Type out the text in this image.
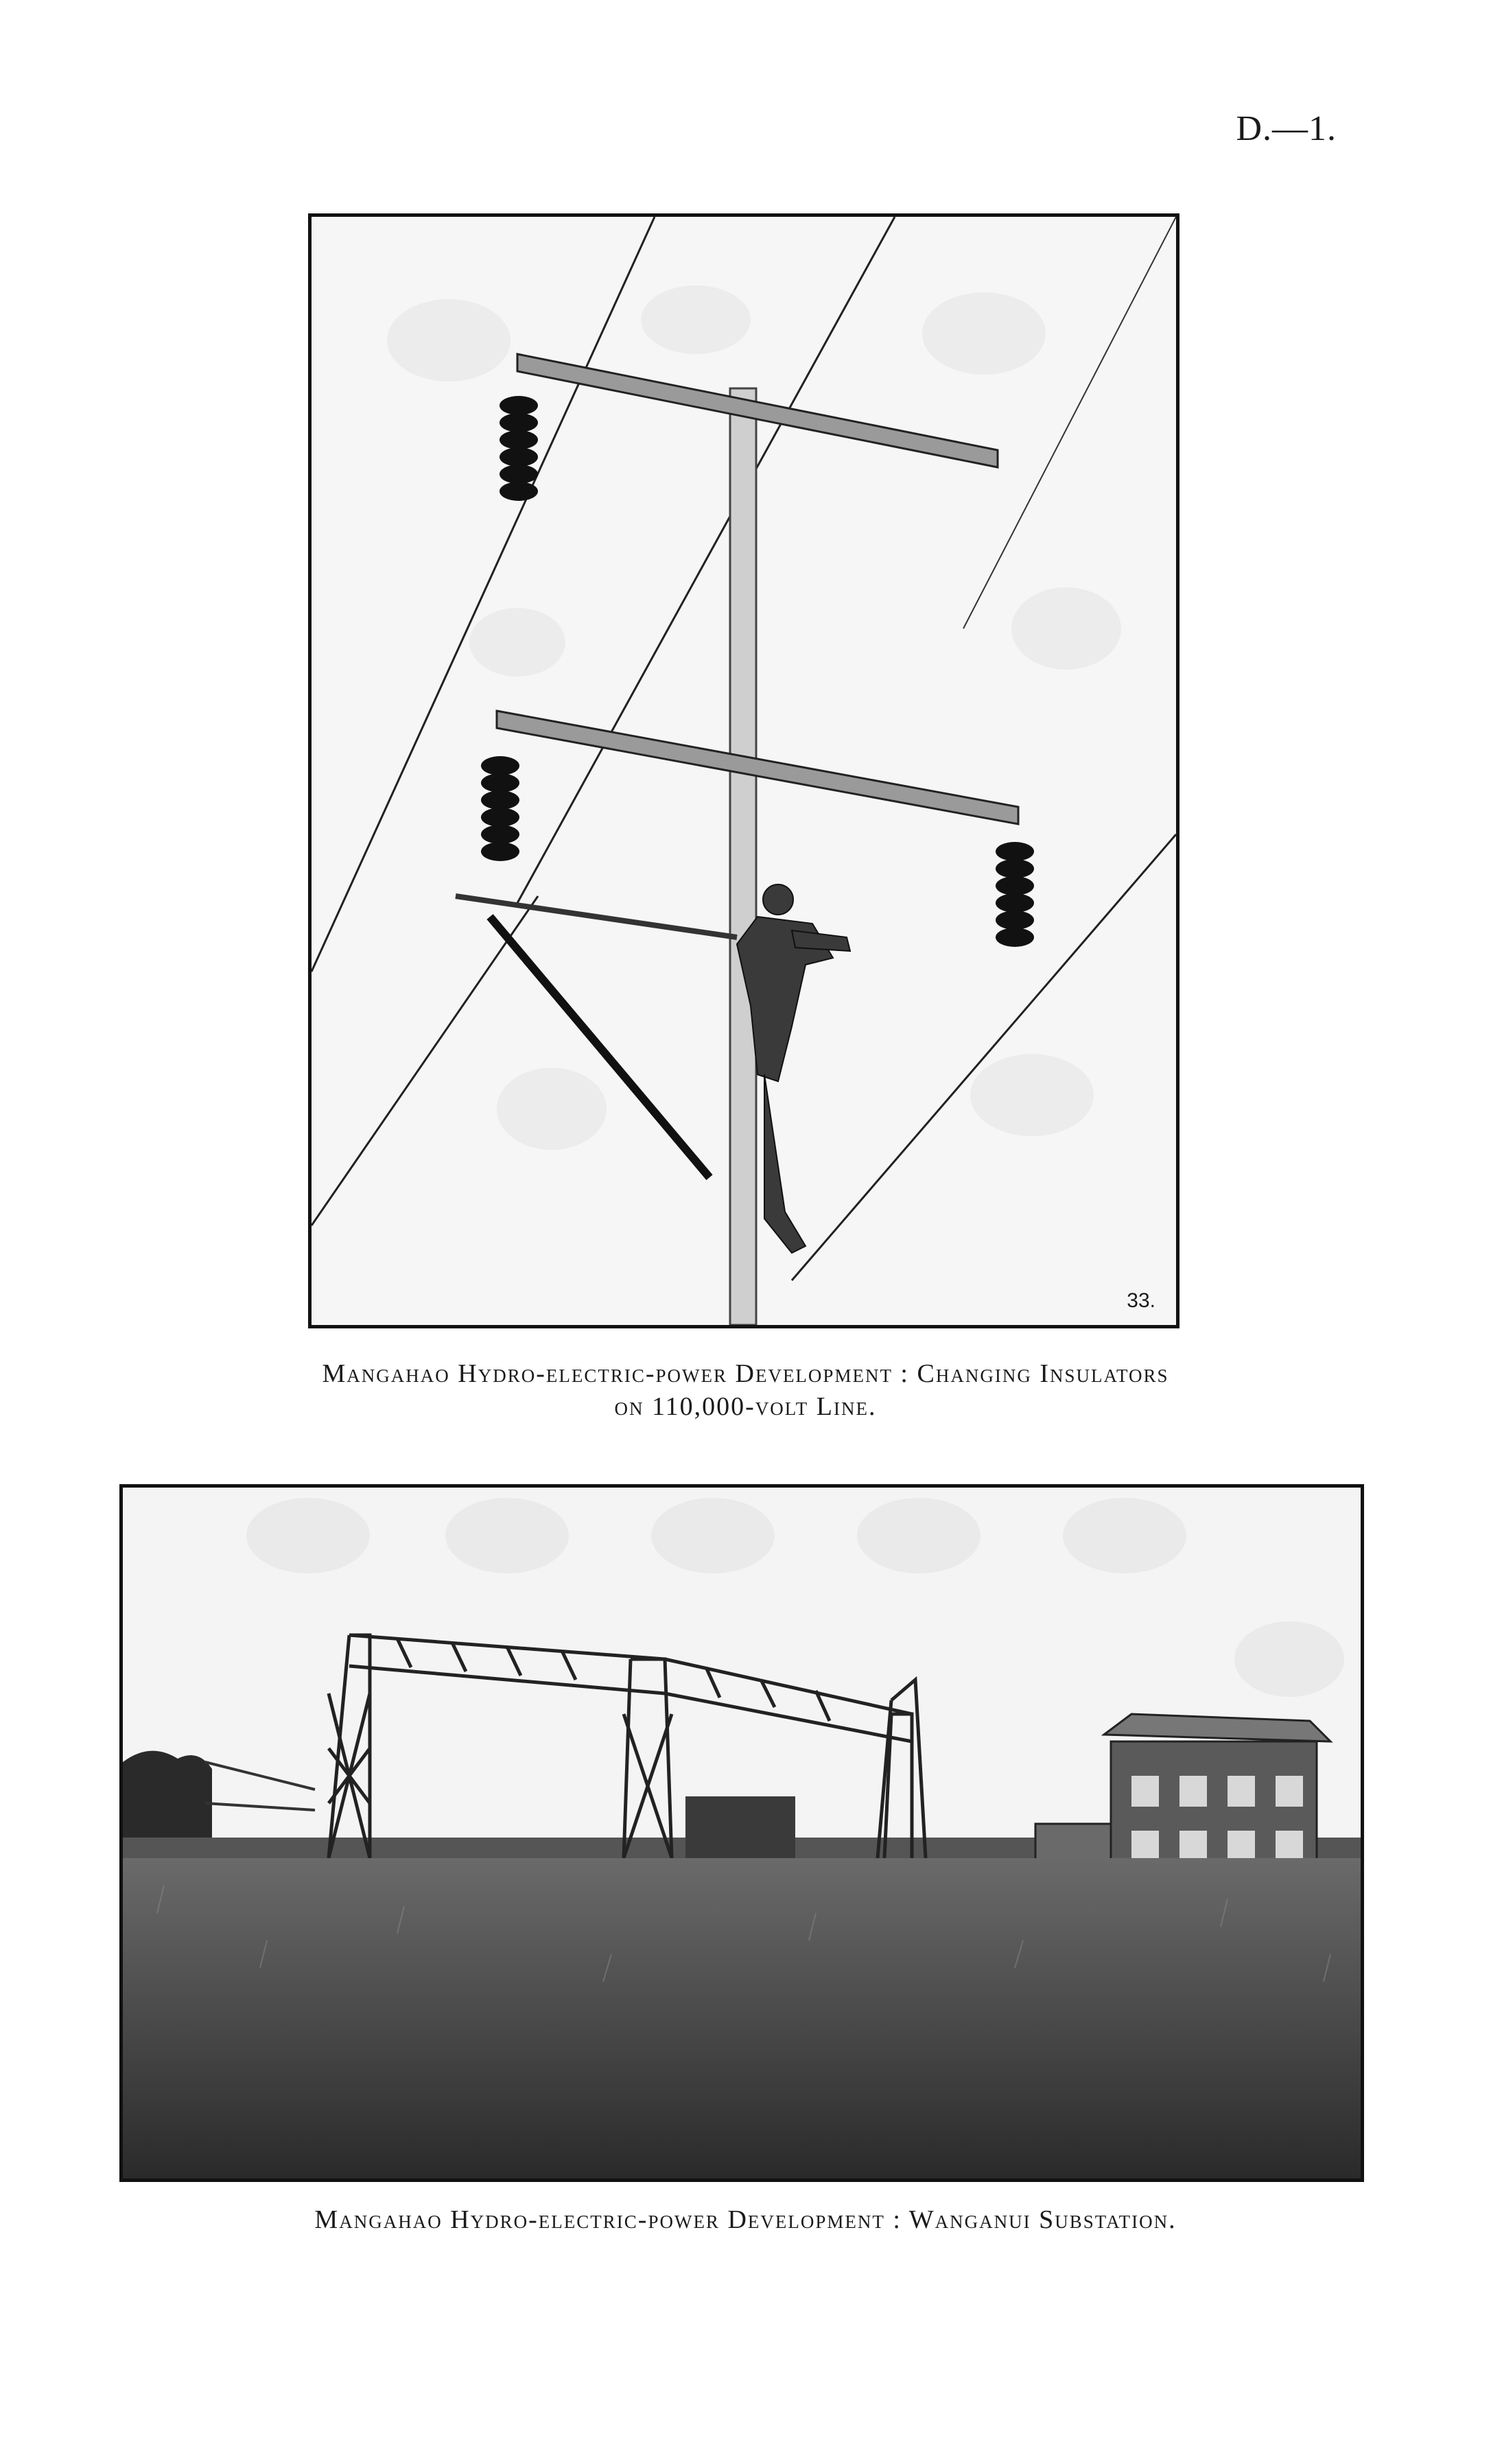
D.—1.
33.
Mangahao Hydro-electric-power Development : Changing Insulators
on 110,000-volt Line.
Mangahao Hydro-electric-power Development : Wanganui Substation.
